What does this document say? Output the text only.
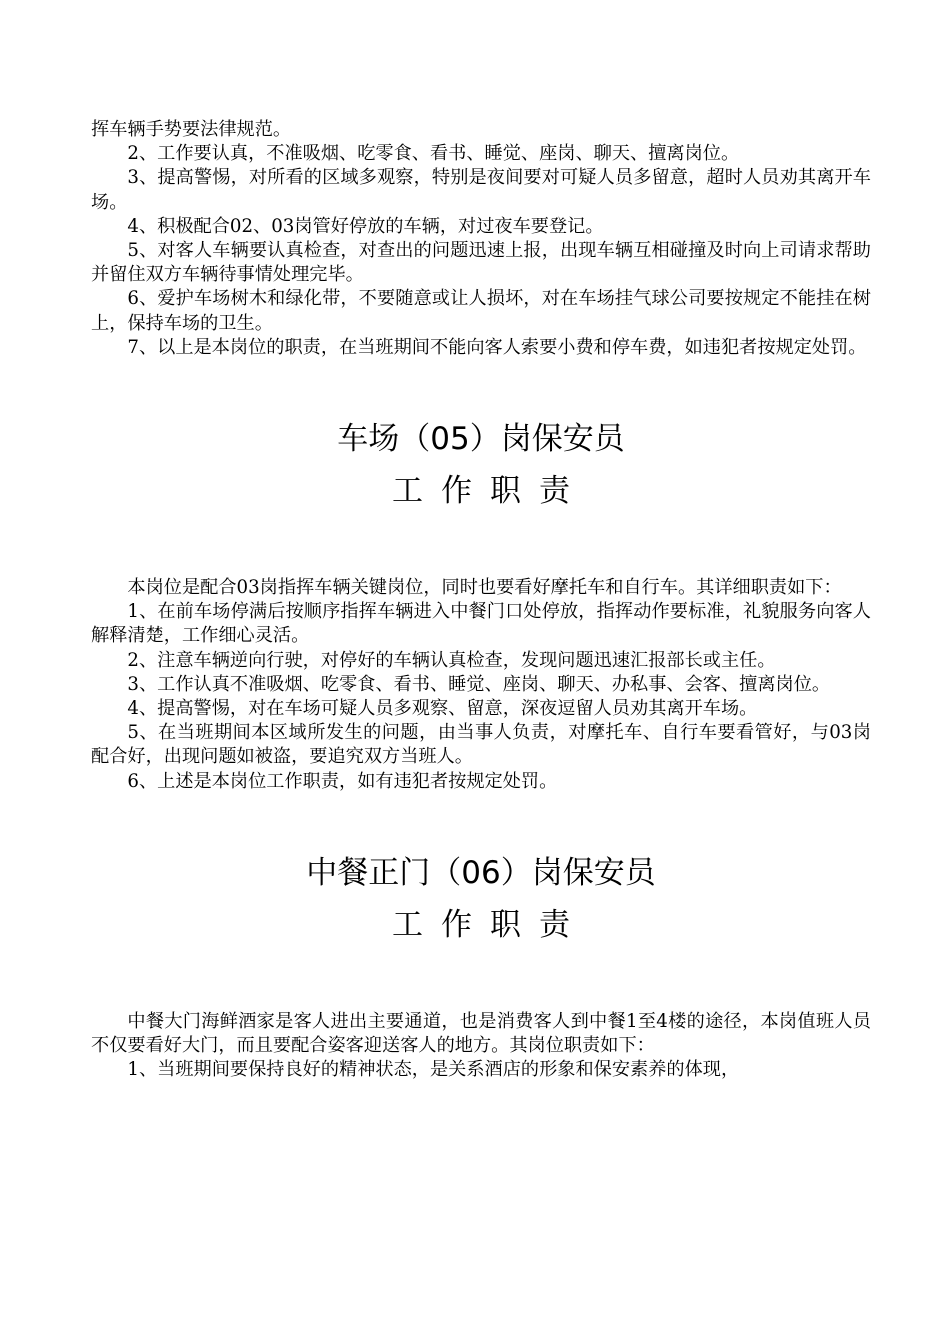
挥车辆手势要法律规范。

2、工作要认真，不准吸烟、吃零食、看书、睡觉、座岗、聊天、擅离岗位。

3、提高警惕，对所看的区域多观察，特别是夜间要对可疑人员多留意，超时人员劝其离开车场。

4、积极配合02、03岗管好停放的车辆，对过夜车要登记。

5、对客人车辆要认真检查，对查出的问题迅速上报，出现车辆互相碰撞及时向上司请求帮助并留住双方车辆待事情处理完毕。

6、爱护车场树木和绿化带，不要随意或让人损坏，对在车场挂气球公司要按规定不能挂在树上，保持车场的卫生。

7、以上是本岗位的职责，在当班期间不能向客人索要小费和停车费，如违犯者按规定处罚。

车场（05）岗保安员
工作职责

本岗位是配合03岗指挥车辆关键岗位，同时也要看好摩托车和自行车。其详细职责如下：

1、在前车场停满后按顺序指挥车辆进入中餐门口处停放，指挥动作要标准，礼貌服务向客人解释清楚，工作细心灵活。

2、注意车辆逆向行驶，对停好的车辆认真检查，发现问题迅速汇报部长或主任。

3、工作认真不准吸烟、吃零食、看书、睡觉、座岗、聊天、办私事、会客、擅离岗位。

4、提高警惕，对在车场可疑人员多观察、留意，深夜逗留人员劝其离开车场。

5、在当班期间本区域所发生的问题，由当事人负责，对摩托车、自行车要看管好，与03岗配合好，出现问题如被盗，要追究双方当班人。

6、上述是本岗位工作职责，如有违犯者按规定处罚。

中餐正门（06）岗保安员
工作职责

中餐大门海鲜酒家是客人进出主要通道，也是消费客人到中餐1至4楼的途径，本岗值班人员不仅要看好大门，而且要配合姿客迎送客人的地方。其岗位职责如下：

1、当班期间要保持良好的精神状态，是关系酒店的形象和保安素养的体现，
